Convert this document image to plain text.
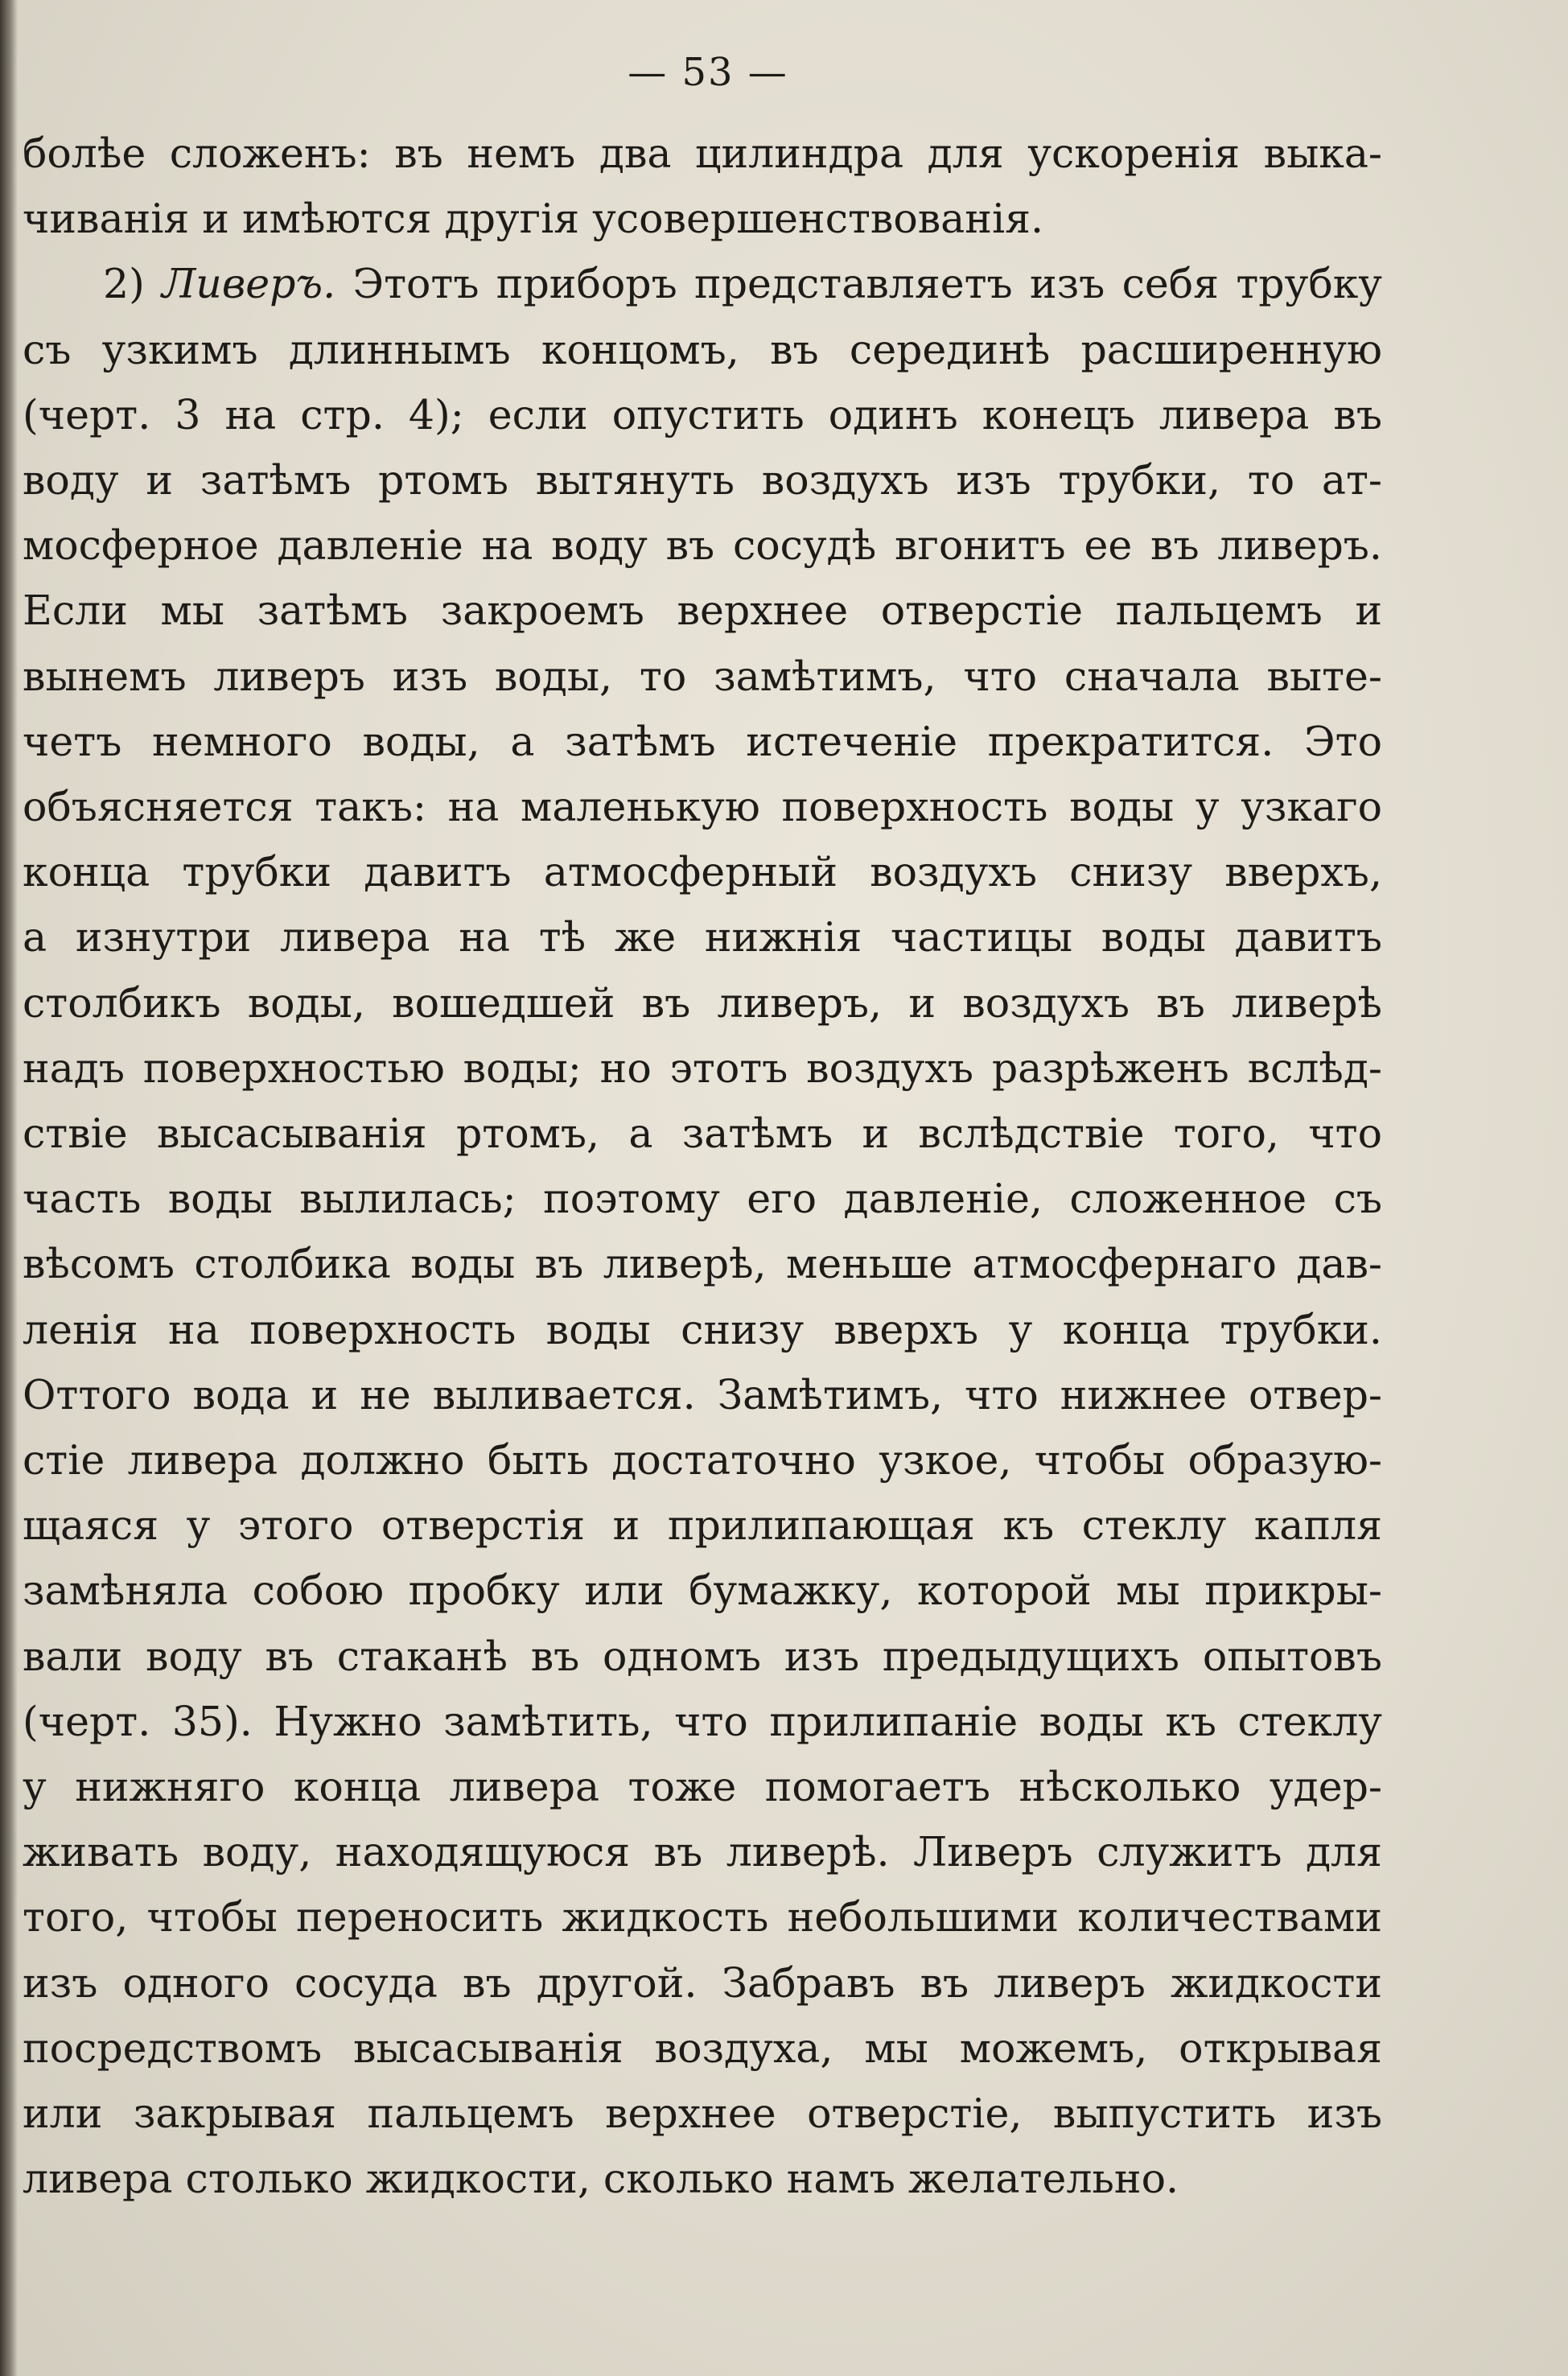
— 53 —
болѣе сложенъ: въ немъ два цилиндра для ускоренія выка-
чиванія и имѣются другія усовершенствованія.
2) Ливеръ. Этотъ приборъ представляетъ изъ себя трубку
съ узкимъ длиннымъ концомъ, въ серединѣ расширенную
(черт. 3 на стр. 4); если опустить одинъ конецъ ливера въ
воду и затѣмъ ртомъ вытянуть воздухъ изъ трубки, то ат-
мосферное давленіе на воду въ сосудѣ вгонитъ ее въ ливеръ.
Если мы затѣмъ закроемъ верхнее отверстіе пальцемъ и
вынемъ ливеръ изъ воды, то замѣтимъ, что сначала выте-
четъ немного воды, а затѣмъ истеченіе прекратится. Это
объясняется такъ: на маленькую поверхность воды у узкаго
конца трубки давитъ атмосферный воздухъ снизу вверхъ,
а изнутри ливера на тѣ же нижнія частицы воды давитъ
столбикъ воды, вошедшей въ ливеръ, и воздухъ въ ливерѣ
надъ поверхностью воды; но этотъ воздухъ разрѣженъ вслѣд-
ствіе высасыванія ртомъ, а затѣмъ и вслѣдствіе того, что
часть воды вылилась; поэтому его давленіе, сложенное съ
вѣсомъ столбика воды въ ливерѣ, меньше атмосфернаго дав-
ленія на поверхность воды снизу вверхъ у конца трубки.
Оттого вода и не выливается. Замѣтимъ, что нижнее отвер-
стіе ливера должно быть достаточно узкое, чтобы образую-
щаяся у этого отверстія и прилипающая къ стеклу капля
замѣняла собою пробку или бумажку, которой мы прикры-
вали воду въ стаканѣ въ одномъ изъ предыдущихъ опытовъ
(черт. 35). Нужно замѣтить, что прилипаніе воды къ стеклу
у нижняго конца ливера тоже помогаетъ нѣсколько удер-
живать воду, находящуюся въ ливерѣ. Ливеръ служитъ для
того, чтобы переносить жидкость небольшими количествами
изъ одного сосуда въ другой. Забравъ въ ливеръ жидкости
посредствомъ высасыванія воздуха, мы можемъ, открывая
или закрывая пальцемъ верхнее отверстіе, выпустить изъ
ливера столько жидкости, сколько намъ желательно.
